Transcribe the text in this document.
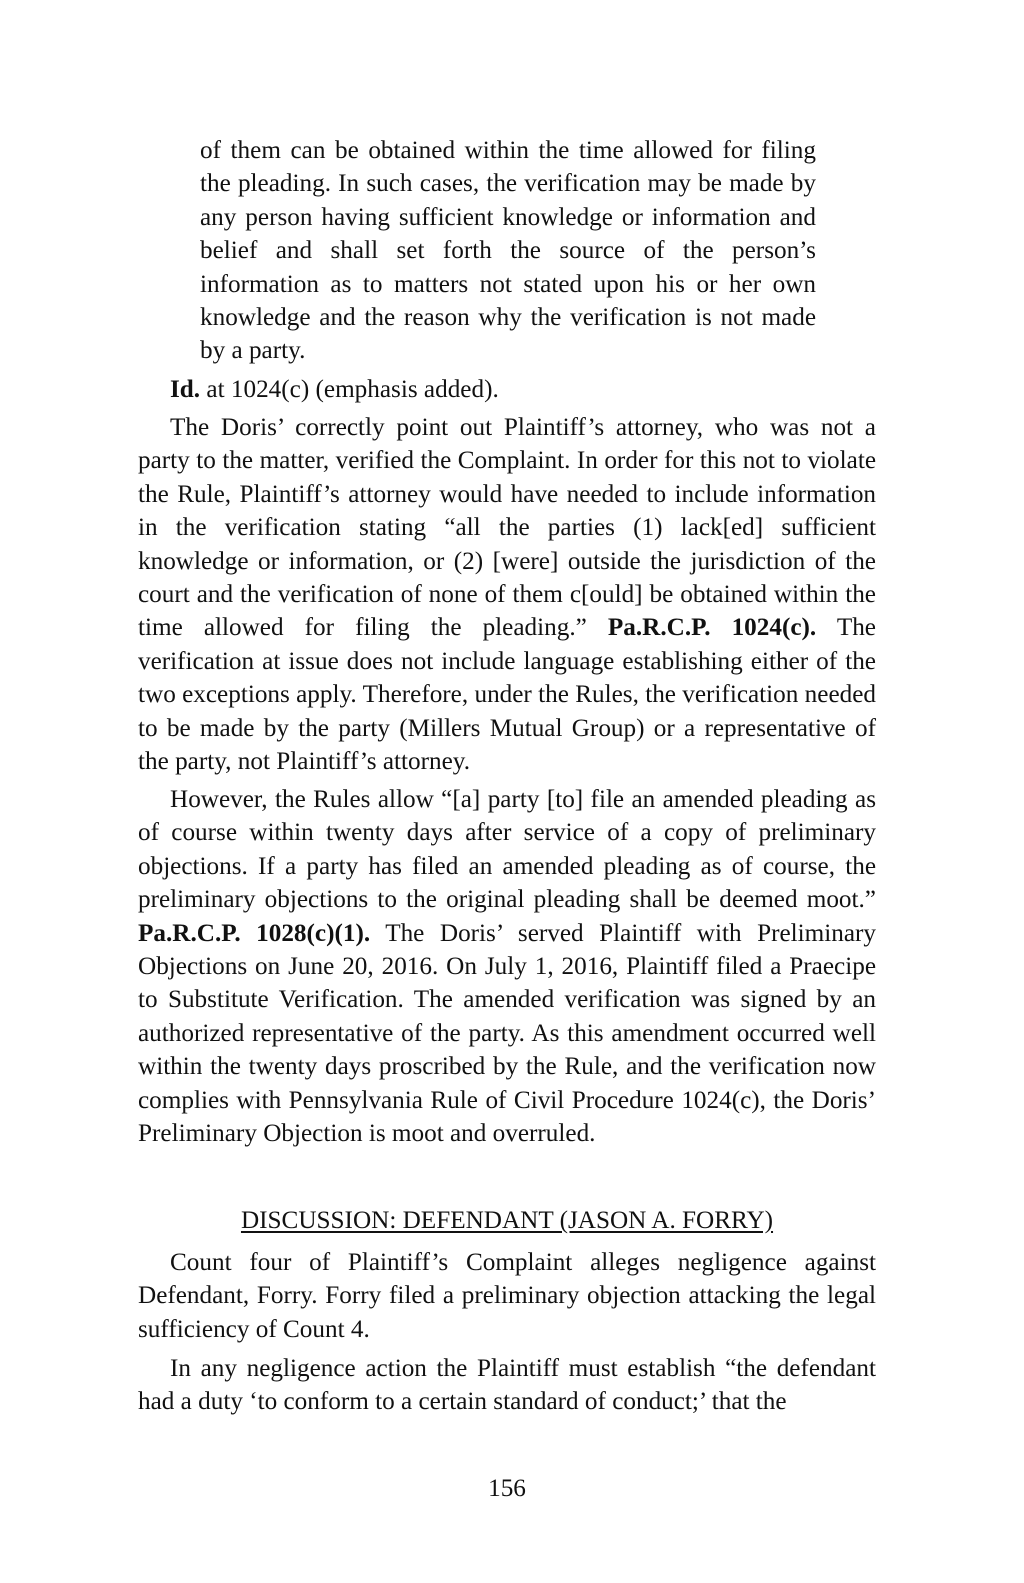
of them can be obtained within the time allowed for filing the pleading. In such cases, the verification may be made by any person having sufficient knowledge or information and belief and shall set forth the source of the person’s information as to matters not stated upon his or her own knowledge and the reason why the verification is not made by a party.
Id. at 1024(c) (emphasis added).

The Doris’ correctly point out Plaintiff’s attorney, who was not a party to the matter, verified the Complaint. In order for this not to violate the Rule, Plaintiff’s attorney would have needed to include information in the verification stating “all the parties (1) lack[ed] sufficient knowledge or information, or (2) [were] outside the jurisdiction of the court and the verification of none of them c[ould] be obtained within the time allowed for filing the pleading.” Pa.R.C.P. 1024(c). The verification at issue does not include language establishing either of the two exceptions apply. Therefore, under the Rules, the verification needed to be made by the party (Millers Mutual Group) or a representative of the party, not Plaintiff’s attorney.

However, the Rules allow “[a] party [to] file an amended pleading as of course within twenty days after service of a copy of preliminary objections. If a party has filed an amended pleading as of course, the preliminary objections to the original pleading shall be deemed moot.” Pa.R.C.P. 1028(c)(1). The Doris’ served Plaintiff with Preliminary Objections on June 20, 2016. On July 1, 2016, Plaintiff filed a Praecipe to Substitute Verification. The amended verification was signed by an authorized representative of the party. As this amendment occurred well within the twenty days proscribed by the Rule, and the verification now complies with Pennsylvania Rule of Civil Procedure 1024(c), the Doris’ Preliminary Objection is moot and overruled.

DISCUSSION: DEFENDANT (JASON A. FORRY)

Count four of Plaintiff’s Complaint alleges negligence against Defendant, Forry. Forry filed a preliminary objection attacking the legal sufficiency of Count 4.

In any negligence action the Plaintiff must establish “the defendant had a duty ‘to conform to a certain standard of conduct;’ that the

156
